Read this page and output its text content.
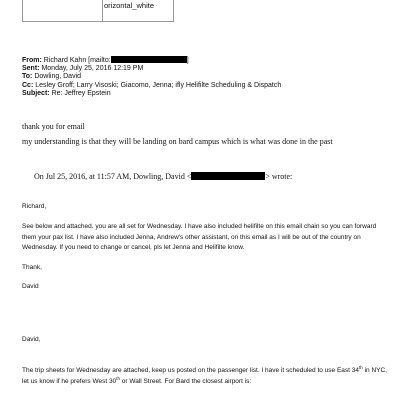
orizontal_white
From: Richard Kahn [mailto:	]
Sent: Monday, July 25, 2016 12:19 PM
To: Dowling, David
Cc: Lesley Groff; Larry Visoski; Giacomo, Jenna; ifly Helifilte Scheduling & Dispatch
Subject: Re: Jeffrey Epstein
thank you for email
my understanding is that they will be landing on bard campus which is what was done in the past
On Jul 25, 2016, at 11:57 AM, Dowling, David <	> wrote:

Richard,

See below and attached. you are all set for Wednesday. I have also included helifilte on this email chain so you can forward them your pax list. I have also included Jenna, Andrew's other assistant, on this email as I will be out of the country on Wednesday. If you need to change or cancel, pls let Jenna and Helifilte know.

Thank,

David

David,

The trip sheets for Wednesday are attached, keep us posted on the passenger list. I have it scheduled to use East 34th in NYC, let us know if he prefers West 30th or Wall Street. For Bard the closest airport is:
